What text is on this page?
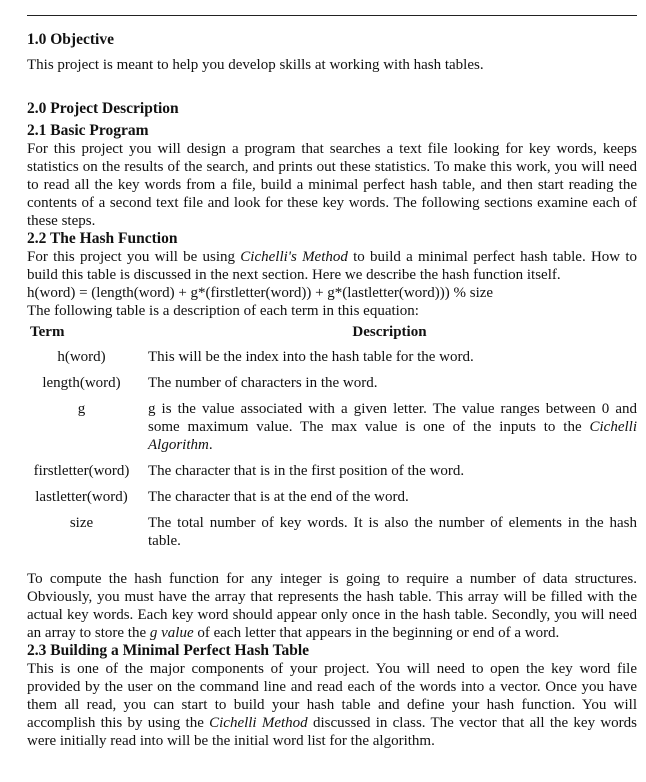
1.0 Objective

This project is meant to help you develop skills at working with hash tables.

2.0 Project Description

2.1 Basic Program

For this project you will design a program that searches a text file looking for key words, keeps statistics on the results of the search, and prints out these statistics. To make this work, you will need to read all the key words from a file, build a minimal perfect hash table, and then start reading the contents of a second text file and look for these key words. The following sections examine each of these steps.

2.2 The Hash Function

For this project you will be using Cichelli's Method to build a minimal perfect hash table. How to build this table is discussed in the next section. Here we describe the hash function itself.

h(word) = (length(word) + g*(firstletter(word)) + g*(lastletter(word))) % size

The following table is a description of each term in this equation:

Term	Description
h(word)	This will be the index into the hash table for the word.
length(word)	The number of characters in the word.
g	g is the value associated with a given letter. The value ranges between 0 and some maximum value. The max value is one of the inputs to the Cichelli Algorithm.
firstletter(word)	The character that is in the first position of the word.
lastletter(word)	The character that is at the end of the word.
size	The total number of key words. It is also the number of elements in the hash table.

To compute the hash function for any integer is going to require a number of data structures. Obviously, you must have the array that represents the hash table. This array will be filled with the actual key words. Each key word should appear only once in the hash table. Secondly, you will need an array to store the g value of each letter that appears in the beginning or end of a word.

2.3 Building a Minimal Perfect Hash Table

This is one of the major components of your project. You will need to open the key word file provided by the user on the command line and read each of the words into a vector. Once you have them all read, you can start to build your hash table and define your hash function. You will accomplish this by using the Cichelli Method discussed in class. The vector that all the key words were initially read into will be the initial word list for the algorithm.
